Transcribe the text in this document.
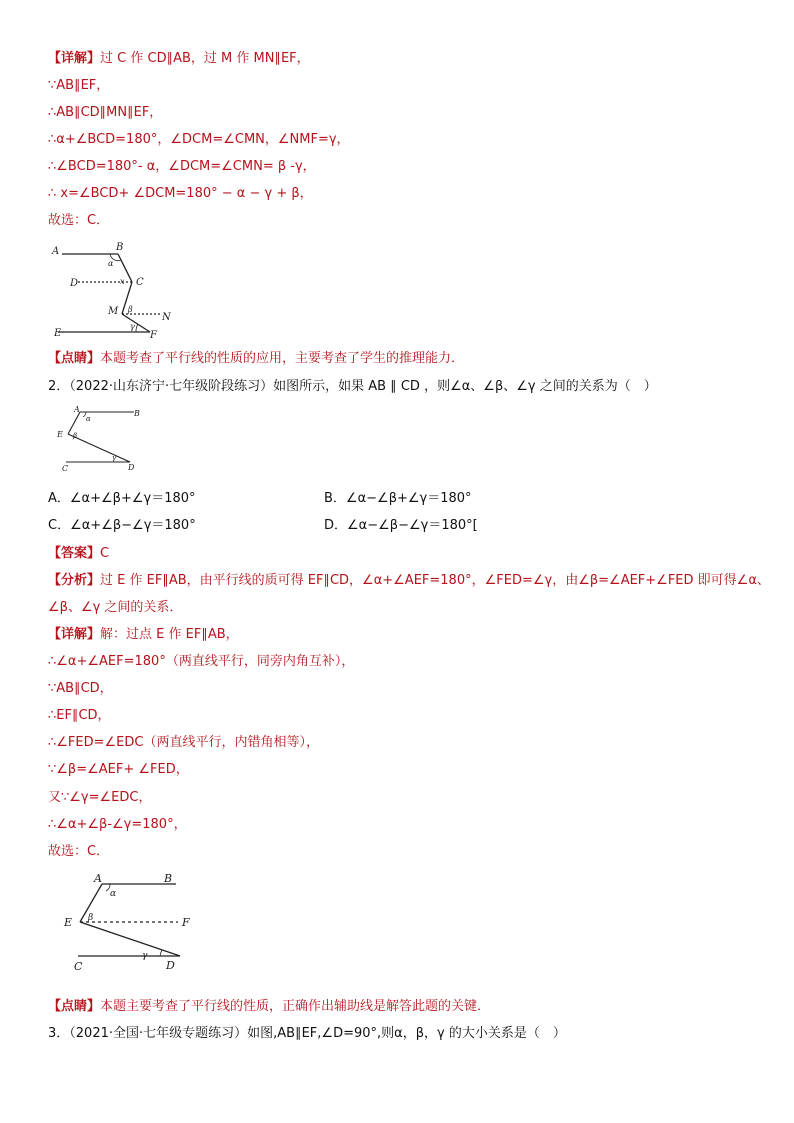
【详解】过 C 作 CD∥AB，过 M 作 MN∥EF，
∵AB∥EF，
∴AB∥CD∥MN∥EF，
∴α+∠BCD=180°，∠DCM=∠CMN，∠NMF=γ，
∴∠BCD=180°- α，∠DCM=∠CMN= β -γ，
∴ x=∠BCD+ ∠DCM=180° − α − γ + β，
故选：C．
A	B
D	C
M
N
E	F
α
x
β
γ
【点睛】本题考查了平行线的性质的应用，主要考查了学生的推理能力．
2．（2022·山东济宁·七年级阶段练习）如图所示，如果 AB ∥ CD ，则∠α、∠β、∠γ 之间的关系为（　）
A	B
α
E β
γ
C	D
A．∠α+∠β+∠γ＝180°	B．∠α−∠β+∠γ＝180°
C．∠α+∠β−∠γ＝180°	D．∠α−∠β−∠γ＝180°[
【答案】C
【分析】过 E 作 EF∥AB，由平行线的质可得 EF∥CD，∠α+∠AEF=180°，∠FED=∠γ，由∠β=∠AEF+∠FED 即可得∠α、
∠β、∠γ 之间的关系．
【详解】解：过点 E 作 EF∥AB，
∴∠α+∠AEF=180°（两直线平行，同旁内角互补），
∵AB∥CD，
∴EF∥CD，
∴∠FED=∠EDC（两直线平行，内错角相等），
∵∠β=∠AEF+ ∠FED，
又∵∠γ=∠EDC，
∴∠α+∠β-∠γ=180°，
故选：C．
A	B
α
β
E	F
γ
C	D
【点睛】本题主要考查了平行线的性质，正确作出辅助线是解答此题的关键．
3．（2021·全国·七年级专题练习）如图,AB∥EF,∠D=90°,则α，β，γ 的大小关系是（　）
